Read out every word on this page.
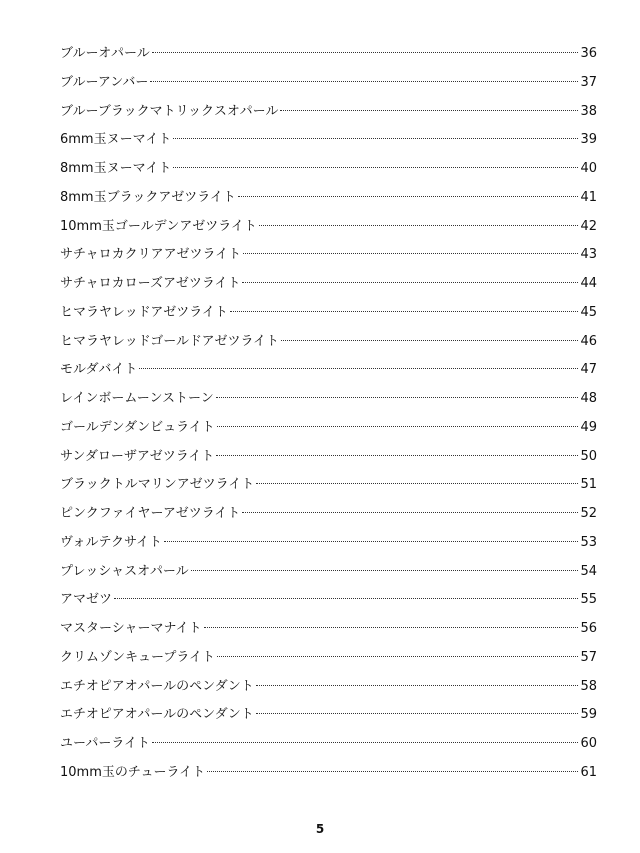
ブルーオパール	36
ブルーアンバー	37
ブルーブラックマトリックスオパール	38
6mm玉ヌーマイト	39
8mm玉ヌーマイト	40
8mm玉ブラックアゼツライト	41
10mm玉ゴールデンアゼツライト	42
サチャロカクリアアゼツライト	43
サチャロカローズアゼツライト	44
ヒマラヤレッドアゼツライト	45
ヒマラヤレッドゴールドアゼツライト	46
モルダバイト	47
レインボームーンストーン	48
ゴールデンダンビュライト	49
サンダローザアゼツライト	50
ブラックトルマリンアゼツライト	51
ピンクファイヤーアゼツライト	52
ヴォルテクサイト	53
プレッシャスオパール	54
アマゼツ	55
マスターシャーマナイト	56
クリムゾンキュープライト	57
エチオピアオパールのペンダント	58
エチオピアオパールのペンダント	59
ユーパーライト	60
10mm玉のチューライト	61
5
